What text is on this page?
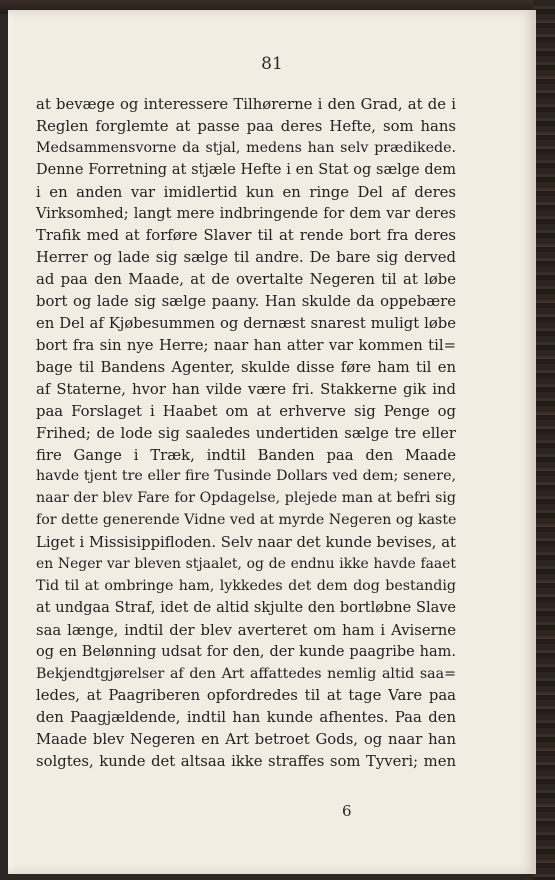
81
at bevæge og interessere Tilhørerne i den Grad, at de i
Reglen forglemte at passe paa deres Hefte, som hans
Medsammensvorne da stjal, medens han selv prædikede.
Denne Forretning at stjæle Hefte i en Stat og sælge dem
i en anden var imidlertid kun en ringe Del af deres
Virksomhed; langt mere indbringende for dem var deres
Trafik med at forføre Slaver til at rende bort fra deres
Herrer og lade sig sælge til andre. De bare sig derved
ad paa den Maade, at de overtalte Negeren til at løbe
bort og lade sig sælge paany. Han skulde da oppebære
en Del af Kjøbesummen og dernæst snarest muligt løbe
bort fra sin nye Herre; naar han atter var kommen til=
bage til Bandens Agenter, skulde disse føre ham til en
af Staterne, hvor han vilde være fri. Stakkerne gik ind
paa Forslaget i Haabet om at erhverve sig Penge og
Frihed; de lode sig saaledes undertiden sælge tre eller
fire Gange i Træk, indtil Banden paa den Maade
havde tjent tre eller fire Tusinde Dollars ved dem; senere,
naar der blev Fare for Opdagelse, plejede man at befri sig
for dette generende Vidne ved at myrde Negeren og kaste
Liget i Missisippifloden. Selv naar det kunde bevises, at
en Neger var bleven stjaalet, og de endnu ikke havde faaet
Tid til at ombringe ham, lykkedes det dem dog bestandig
at undgaa Straf, idet de altid skjulte den bortløbne Slave
saa længe, indtil der blev averteret om ham i Aviserne
og en Belønning udsat for den, der kunde paagribe ham.
Bekjendtgjørelser af den Art affattedes nemlig altid saa=
ledes, at Paagriberen opfordredes til at tage Vare paa
den Paagjældende, indtil han kunde afhentes. Paa den
Maade blev Negeren en Art betroet Gods, og naar han
solgtes, kunde det altsaa ikke straffes som Tyveri; men
6
